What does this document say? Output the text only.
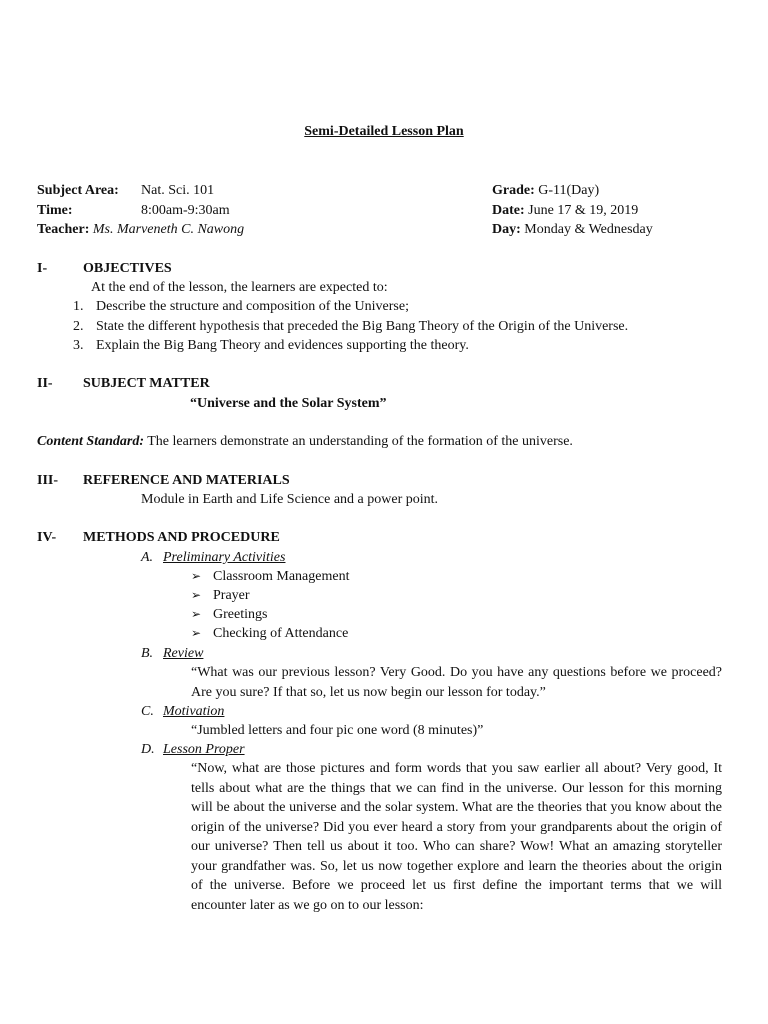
Semi-Detailed Lesson Plan
Subject Area: Nat. Sci. 101
Time:	8:00am-9:30am
Teacher: Ms. Marveneth C. Nawong
Grade: G-11(Day)
Date: June 17 & 19, 2019
Day: Monday & Wednesday
I-	OBJECTIVES
At the end of the lesson, the learners are expected to:
1. Describe the structure and composition of the Universe;
2. State the different hypothesis that preceded the Big Bang Theory of the Origin of the Universe.
3. Explain the Big Bang Theory and evidences supporting the theory.
II- SUBJECT MATTER
“Universe and the Solar System”
Content Standard: The learners demonstrate an understanding of the formation of the universe.
III- REFERENCE AND MATERIALS
Module in Earth and Life Science and a power point.
IV- METHODS AND PROCEDURE
A. Preliminary Activities
➢ Classroom Management
➢ Prayer
➢ Greetings
➢ Checking of Attendance
B. Review
“What was our previous lesson? Very Good. Do you have any questions before we proceed? Are you sure? If that so, let us now begin our lesson for today.”
C. Motivation
“Jumbled letters and four pic one word (8 minutes)”
D. Lesson Proper
“Now, what are those pictures and form words that you saw earlier all about? Very good, It tells about what are the things that we can find in the universe. Our lesson for this morning will be about the universe and the solar system. What are the theories that you know about the origin of the universe? Did you ever heard a story from your grandparents about the origin of our universe? Then tell us about it too. Who can share? Wow! What an amazing storyteller your grandfather was. So, let us now together explore and learn the theories about the origin of the universe. Before we proceed let us first define the important terms that we will encounter later as we go on to our lesson:
